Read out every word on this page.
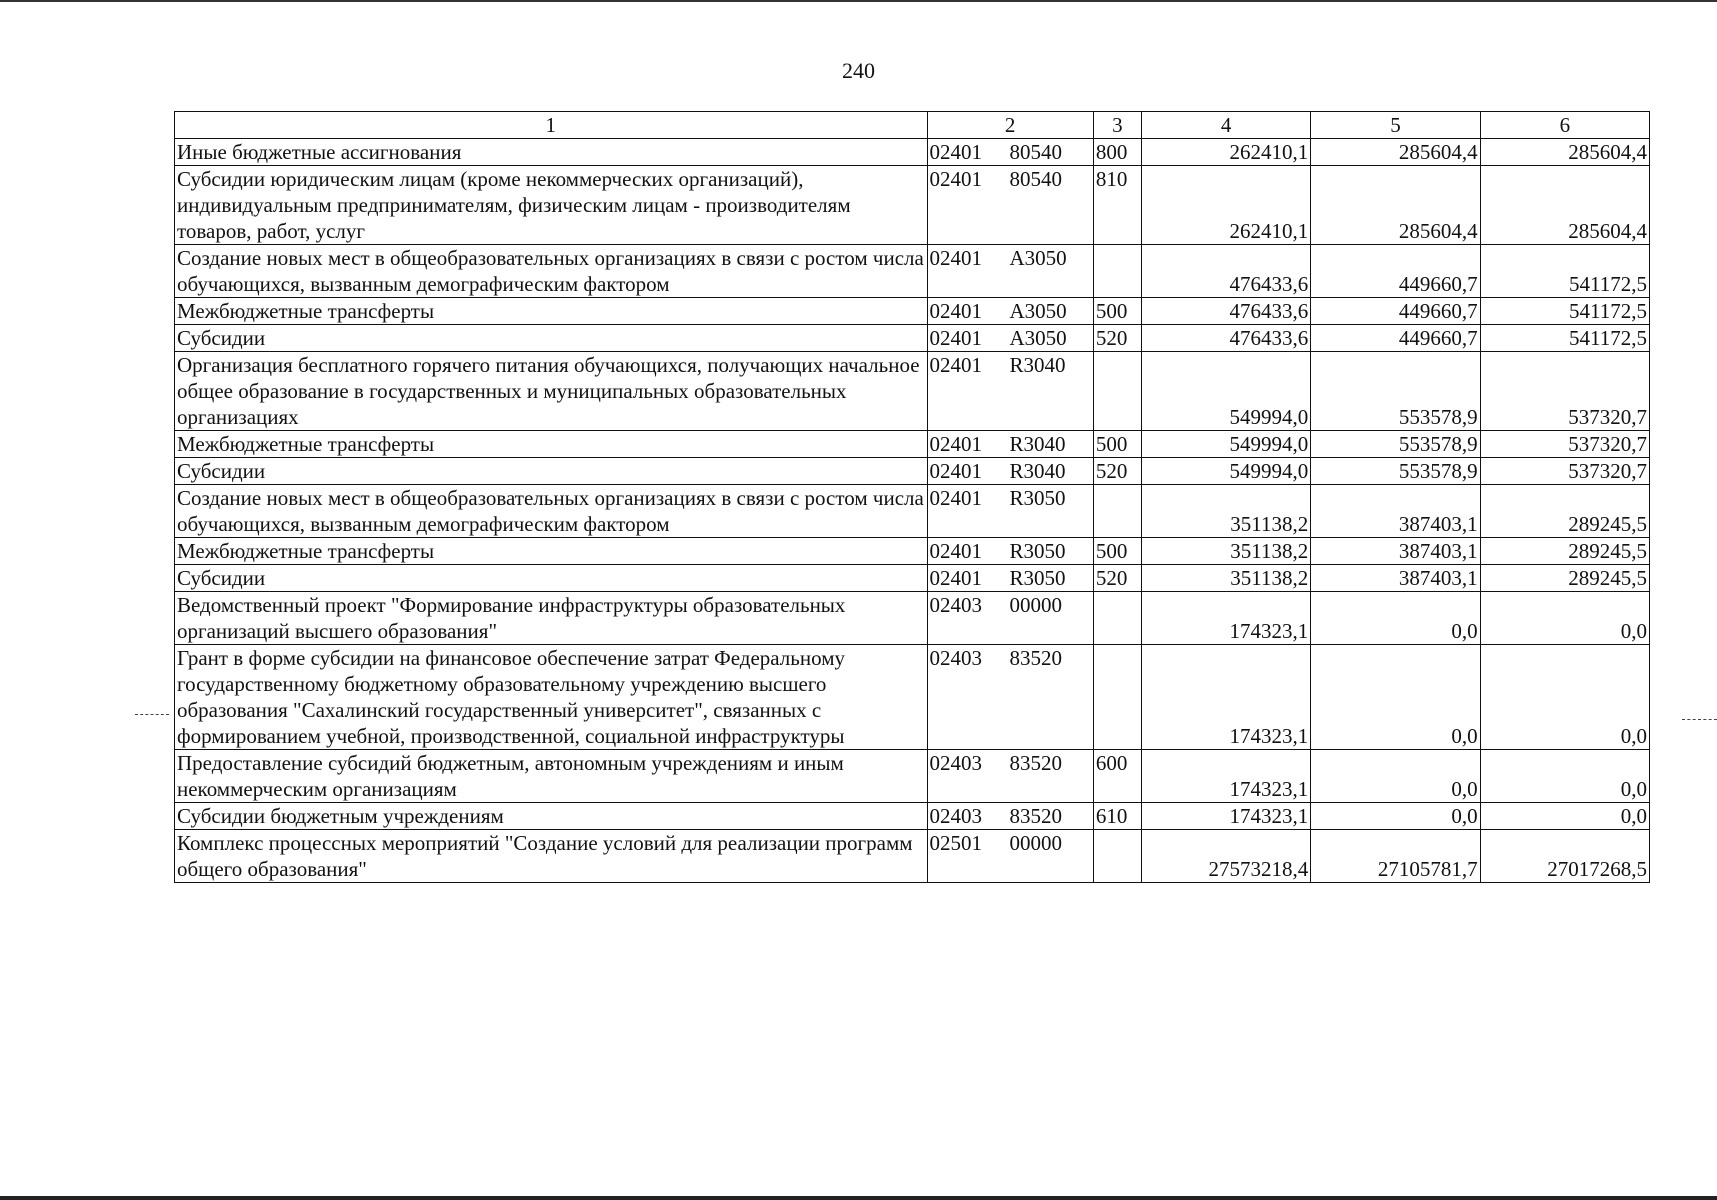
240
1	2	3	4	5	6
Иные бюджетные ассигнования	02401 80540	800	262410,1	285604,4	285604,4
Субсидии юридическим лицам (кроме некоммерческих организаций), индивидуальным предпринимателям, физическим лицам - производителям товаров, работ, услуг	02401 80540	810	262410,1	285604,4	285604,4
Создание новых мест в общеобразовательных организациях в связи с ростом числа обучающихся, вызванным демографическим фактором	02401 А3050		476433,6	449660,7	541172,5
Межбюджетные трансферты	02401 А3050	500	476433,6	449660,7	541172,5
Субсидии	02401 А3050	520	476433,6	449660,7	541172,5
Организация бесплатного горячего питания обучающихся, получающих начальное общее образование в государственных и муниципальных образовательных организациях	02401 R3040		549994,0	553578,9	537320,7
Межбюджетные трансферты	02401 R3040	500	549994,0	553578,9	537320,7
Субсидии	02401 R3040	520	549994,0	553578,9	537320,7
Создание новых мест в общеобразовательных организациях в связи с ростом числа обучающихся, вызванным демографическим фактором	02401 R3050		351138,2	387403,1	289245,5
Межбюджетные трансферты	02401 R3050	500	351138,2	387403,1	289245,5
Субсидии	02401 R3050	520	351138,2	387403,1	289245,5
Ведомственный проект "Формирование инфраструктуры образовательных организаций высшего образования"	02403 00000		174323,1	0,0	0,0
Грант в форме субсидии на финансовое обеспечение затрат Федеральному государственному бюджетному образовательному учреждению высшего образования "Сахалинский государственный университет", связанных с формированием учебной, производственной, социальной инфраструктуры	02403 83520		174323,1	0,0	0,0
Предоставление субсидий бюджетным, автономным учреждениям и иным некоммерческим организациям	02403 83520	600	174323,1	0,0	0,0
Субсидии бюджетным учреждениям	02403 83520	610	174323,1	0,0	0,0
Комплекс процессных мероприятий "Создание условий для реализации программ общего образования"	02501 00000		27573218,4	27105781,7	27017268,5
